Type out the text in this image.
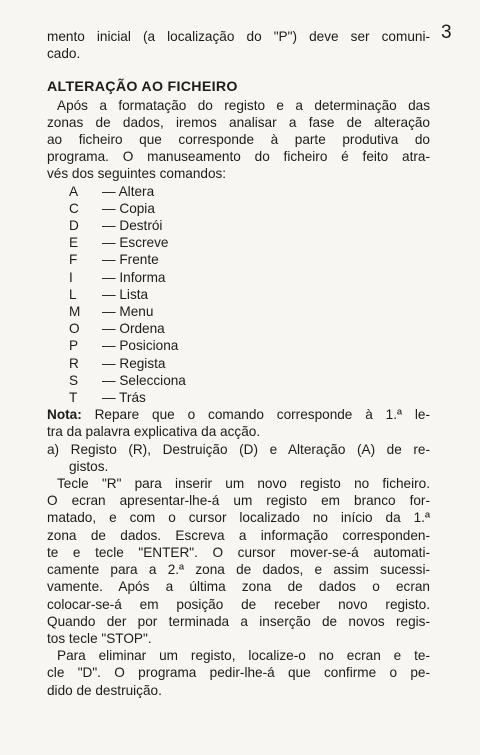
3
mento inicial (a localização do "P") deve ser comuni-
cado.
ALTERAÇÃO AO FICHEIRO
Após a formatação do registo e a determinação das
zonas de dados, iremos analisar a fase de alteração
ao ficheiro que corresponde à parte produtiva do
programa. O manuseamento do ficheiro é feito atra-
vés dos seguintes comandos:
A	— Altera
C	— Copia
D	— Destrói
E	— Escreve
F	— Frente
I	— Informa
L	— Lista
M	— Menu
O	— Ordena
P	— Posiciona
R	— Regista
S	— Selecciona
T	— Trás
Nota: Repare que o comando corresponde à 1.ª le-
tra da palavra explicativa da acção.
a) Registo (R), Destruição (D) e Alteração (A) de re-
gistos.
Tecle "R" para inserir um novo registo no ficheiro.
O ecran apresentar-lhe-á um registo em branco for-
matado, e com o cursor localizado no início da 1.ª
zona de dados. Escreva a informação corresponden-
te e tecle "ENTER". O cursor mover-se-á automati-
camente para a 2.ª zona de dados, e assim sucessi-
vamente. Após a última zona de dados o ecran
colocar-se-á em posição de receber novo registo.
Quando der por terminada a inserção de novos regis-
tos tecle "STOP".
Para eliminar um registo, localize-o no ecran e te-
cle "D". O programa pedir-lhe-á que confirme o pe-
dido de destruição.
